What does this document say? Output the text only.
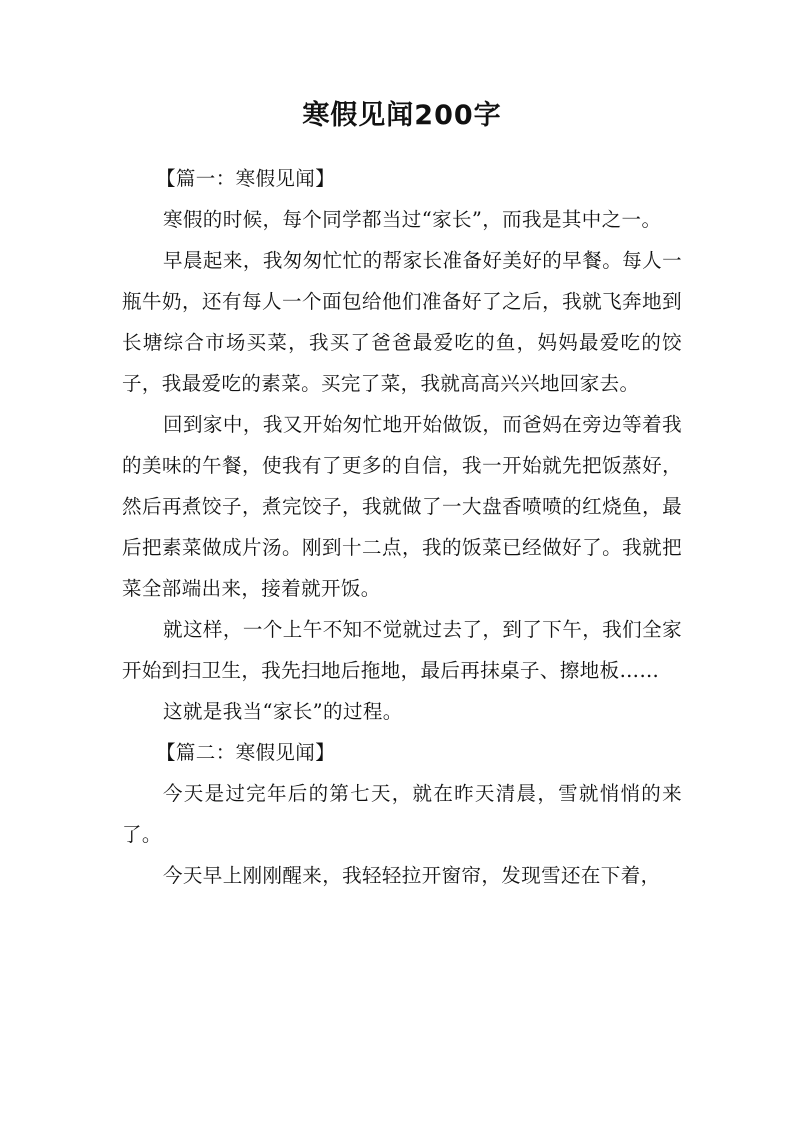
寒假见闻200字
【篇一：寒假见闻】

寒假的时候，每个同学都当过“家长”，而我是其中之一。

早晨起来，我匆匆忙忙的帮家长准备好美好的早餐。每人一瓶牛奶，还有每人一个面包给他们准备好了之后，我就飞奔地到长塘综合市场买菜，我买了爸爸最爱吃的鱼，妈妈最爱吃的饺子，我最爱吃的素菜。买完了菜，我就高高兴兴地回家去。

回到家中，我又开始匆忙地开始做饭，而爸妈在旁边等着我的美味的午餐，使我有了更多的自信，我一开始就先把饭蒸好，然后再煮饺子，煮完饺子，我就做了一大盘香喷喷的红烧鱼，最后把素菜做成片汤。刚到十二点，我的饭菜已经做好了。我就把菜全部端出来，接着就开饭。

就这样，一个上午不知不觉就过去了，到了下午，我们全家开始到扫卫生，我先扫地后拖地，最后再抹桌子、擦地板……

这就是我当“家长”的过程。

【篇二：寒假见闻】

今天是过完年后的第七天，就在昨天清晨，雪就悄悄的来了。

今天早上刚刚醒来，我轻轻拉开窗帘，发现雪还在下着，
